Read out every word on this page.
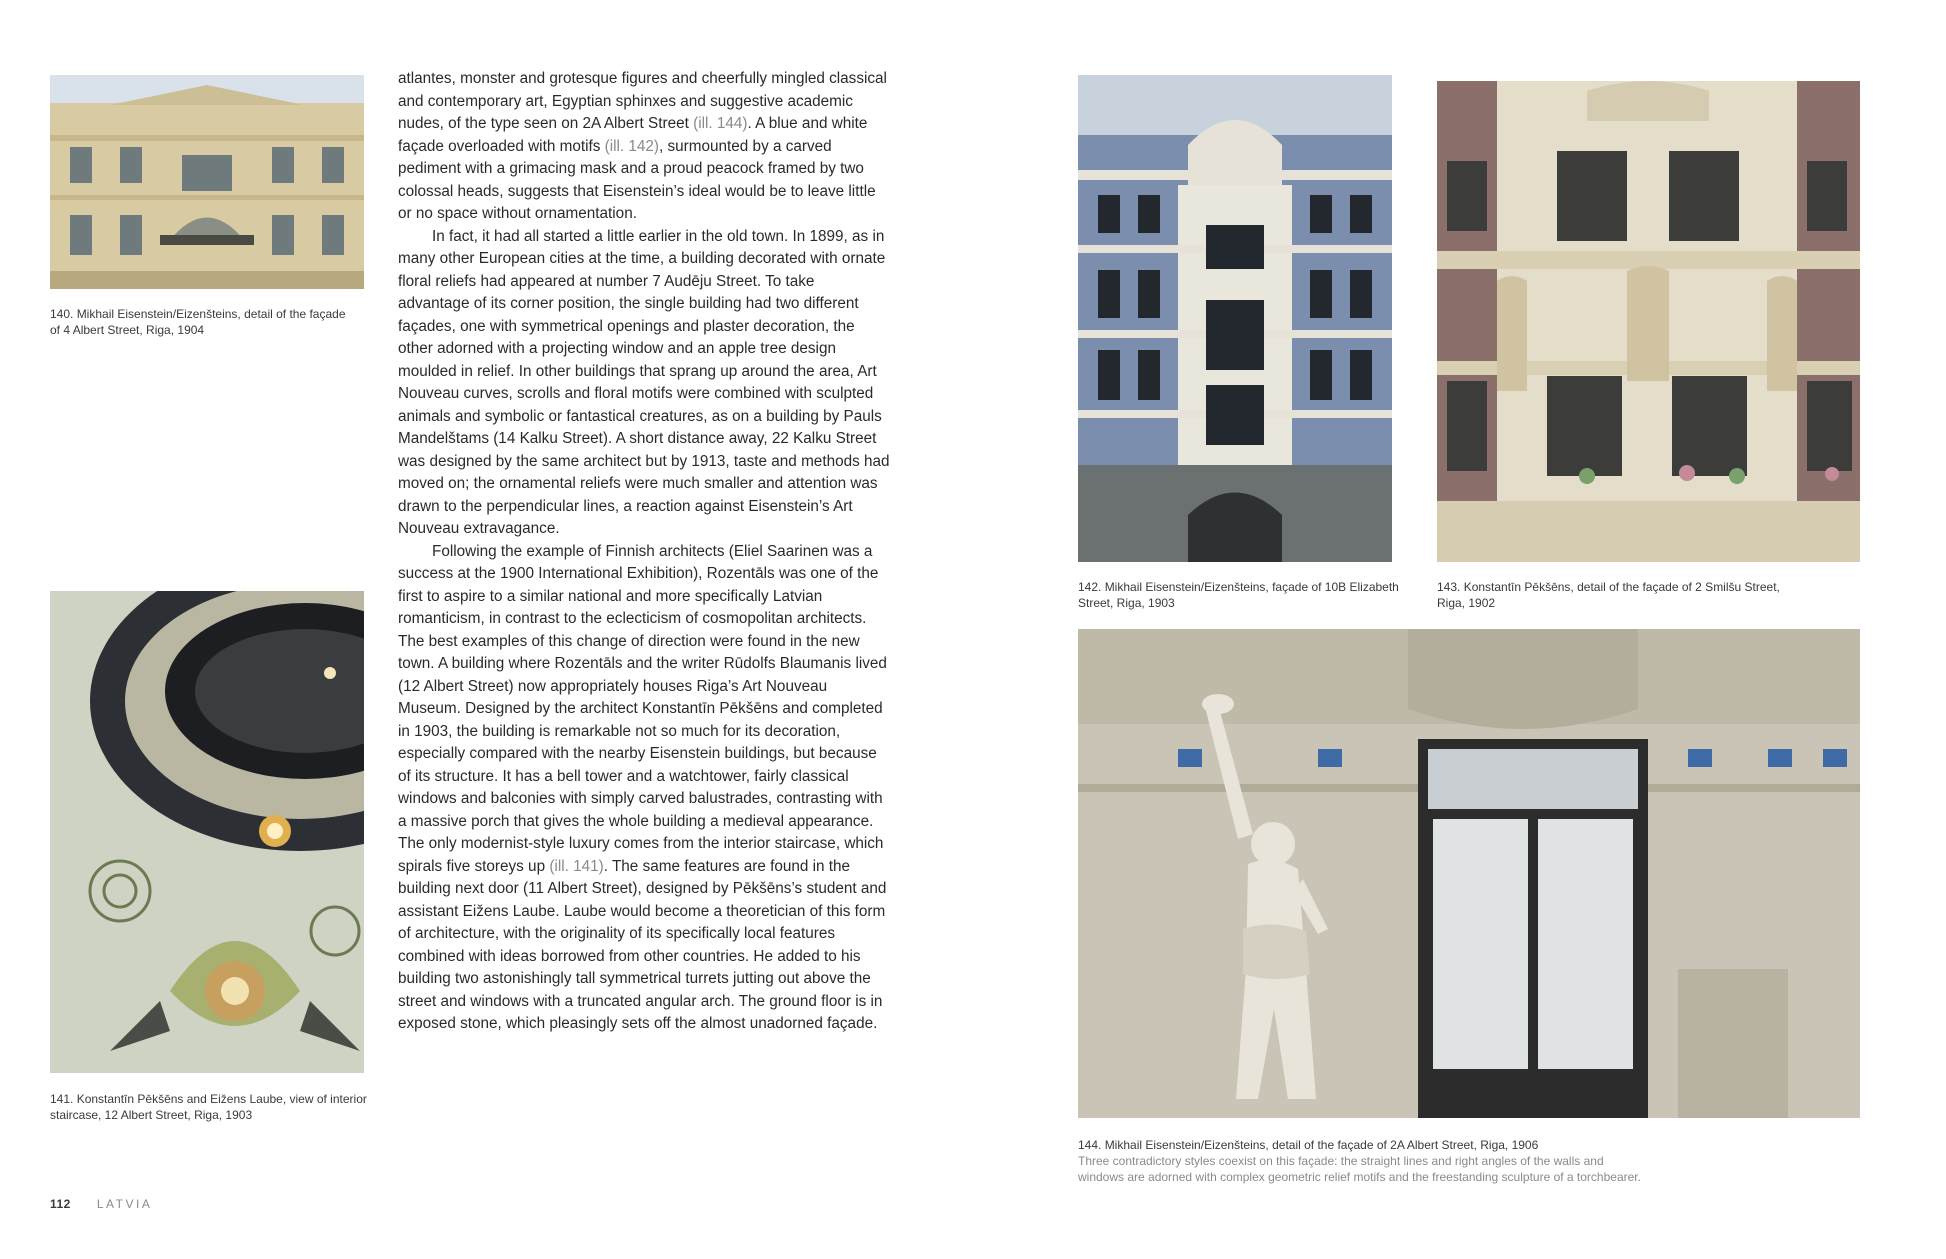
140. Mikhail Eisenstein/Eizenšteins, detail of the façade of 4 Albert Street, Riga, 1904

141. Konstantīn Pēkšēns and Eižens Laube, view of interior staircase, 12 Albert Street, Riga, 1903

atlantes, monster and grotesque figures and cheerfully mingled classical and contemporary art, Egyptian sphinxes and suggestive academic nudes, of the type seen on 2A Albert Street (ill. 144). A blue and white façade overloaded with motifs (ill. 142), surmounted by a carved pediment with a grimacing mask and a proud peacock framed by two colossal heads, suggests that Eisenstein’s ideal would be to leave little or no space without ornamentation.

In fact, it had all started a little earlier in the old town. In 1899, as in many other European cities at the time, a building decorated with ornate floral reliefs had appeared at number 7 Audēju Street. To take advantage of its corner position, the single building had two different façades, one with symmetrical openings and plaster decoration, the other adorned with a projecting window and an apple tree design moulded in relief. In other buildings that sprang up around the area, Art Nouveau curves, scrolls and floral motifs were combined with sculpted animals and symbolic or fantastical creatures, as on a building by Pauls Mandelštams (14 Kalku Street). A short distance away, 22 Kalku Street was designed by the same architect but by 1913, taste and methods had moved on; the ornamental reliefs were much smaller and attention was drawn to the perpendicular lines, a reaction against Eisenstein’s Art Nouveau extravagance.

Following the example of Finnish architects (Eliel Saarinen was a success at the 1900 International Exhibition), Rozentāls was one of the first to aspire to a similar national and more specifically Latvian romanticism, in contrast to the eclecticism of cosmopolitan architects. The best examples of this change of direction were found in the new town. A building where Rozentāls and the writer Rūdolfs Blaumanis lived (12 Albert Street) now appropriately houses Riga’s Art Nouveau Museum. Designed by the architect Konstantīn Pēkšēns and completed in 1903, the building is remarkable not so much for its decoration, especially compared with the nearby Eisenstein buildings, but because of its structure. It has a bell tower and a watchtower, fairly classical windows and balconies with simply carved balustrades, contrasting with a massive porch that gives the whole building a medieval appearance. The only modernist-style luxury comes from the interior staircase, which spirals five storeys up (ill. 141). The same features are found in the building next door (11 Albert Street), designed by Pēkšēns’s student and assistant Eižens Laube. Laube would become a theoretician of this form of architecture, with the originality of its specifically local features combined with ideas borrowed from other countries. He added to his building two astonishingly tall symmetrical turrets jutting out above the street and windows with a truncated angular arch. The ground floor is in exposed stone, which pleasingly sets off the almost unadorned façade.

142. Mikhail Eisenstein/Eizenšteins, façade of 10B Elizabeth Street, Riga, 1903

143. Konstantīn Pēkšēns, detail of the façade of 2 Smilšu Street, Riga, 1902

144. Mikhail Eisenstein/Eizenšteins, detail of the façade of 2A Albert Street, Riga, 1906
Three contradictory styles coexist on this façade: the straight lines and right angles of the walls and windows are adorned with complex geometric relief motifs and the freestanding sculpture of a torchbearer.

112 LATVIA
